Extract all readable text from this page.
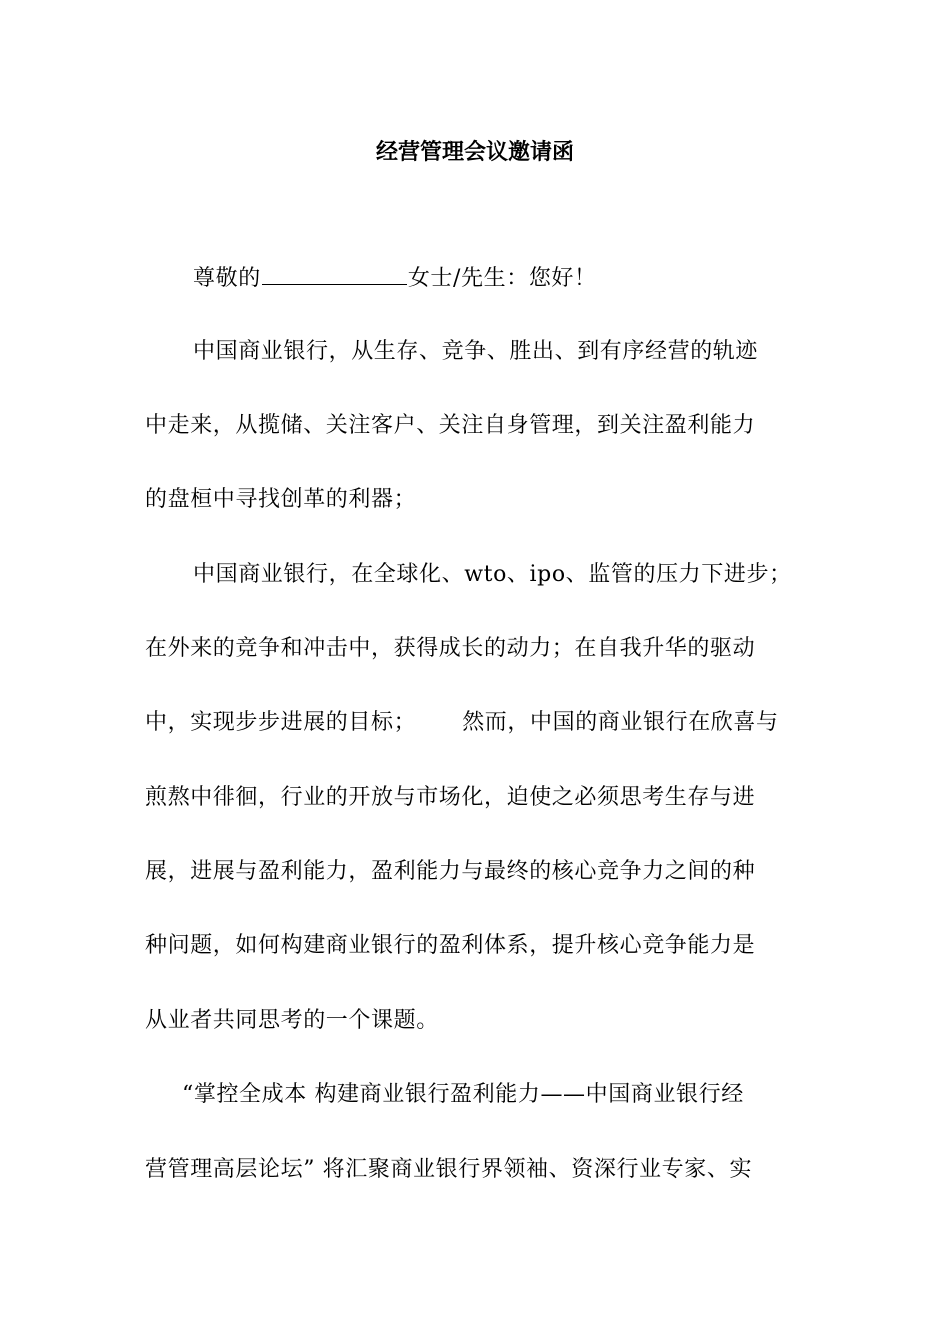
经营管理会议邀请函
尊敬的	女士/先生：您好！
中国商业银行，从生存、竞争、胜出、到有序经营的轨迹
中走来，从揽储、关注客户、关注自身管理，到关注盈利能力
的盘桓中寻找创革的利器；
中国商业银行，在全球化、wto、ipo、监管的压力下进步；
在外来的竞争和冲击中，获得成长的动力；在自我升华的驱动
中，实现步步进展的目标； 然而，中国的商业银行在欣喜与
煎熬中徘徊，行业的开放与市场化，迫使之必须思考生存与进
展，进展与盈利能力，盈利能力与最终的核心竞争力之间的种
种问题，如何构建商业银行的盈利体系，提升核心竞争能力是
从业者共同思考的一个课题。
“掌控全成本 构建商业银行盈利能力——中国商业银行经
营管理高层论坛” 将汇聚商业银行界领袖、资深行业专家、实
